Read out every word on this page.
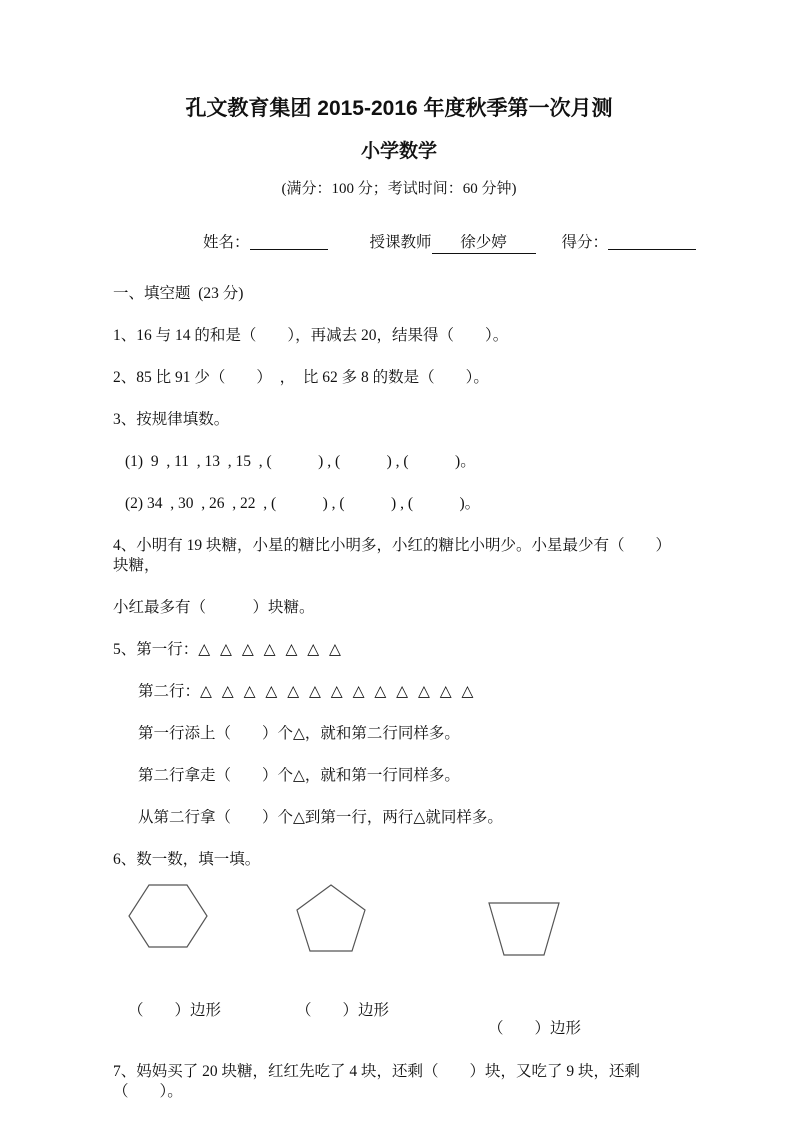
孔文教育集团 2015-2016 年度秋季第一次月测
小学数学
(满分：100 分；考试时间：60 分钟)
姓名：	授课教师 徐少婷	得分：
一、填空题  (23 分)
1、16 与 14 的和是（　　），再减去 20，结果得（　　）。
2、85 比 91 少（　　）　，　比 62 多 8 的数是（　　）。
3、按规律填数。
(1)  9  , 11  , 13  , 15  , (　　　) , (　　　) , (　　　)。
(2) 34  , 30  , 26  , 22  , (　　　) , (　　　) , (　　　)。
4、小明有 19 块糖，小星的糖比小明多，小红的糖比小明少。小星最少有（　　）块糖，
小红最多有（　　　）块糖。
5、第一行：△ △ △ △ △ △ △
第二行：△ △ △ △ △ △ △ △ △ △ △ △ △
第一行添上（　　）个△，就和第二行同样多。
第二行拿走（　　）个△，就和第一行同样多。
从第二行拿（　　）个△到第一行，两行△就同样多。
6、数一数，填一填。
（　　）边形	（　　）边形
（　　）边形
7、妈妈买了 20 块糖，红红先吃了 4 块，还剩（　　）块，又吃了 9 块，还剩（　　）。
